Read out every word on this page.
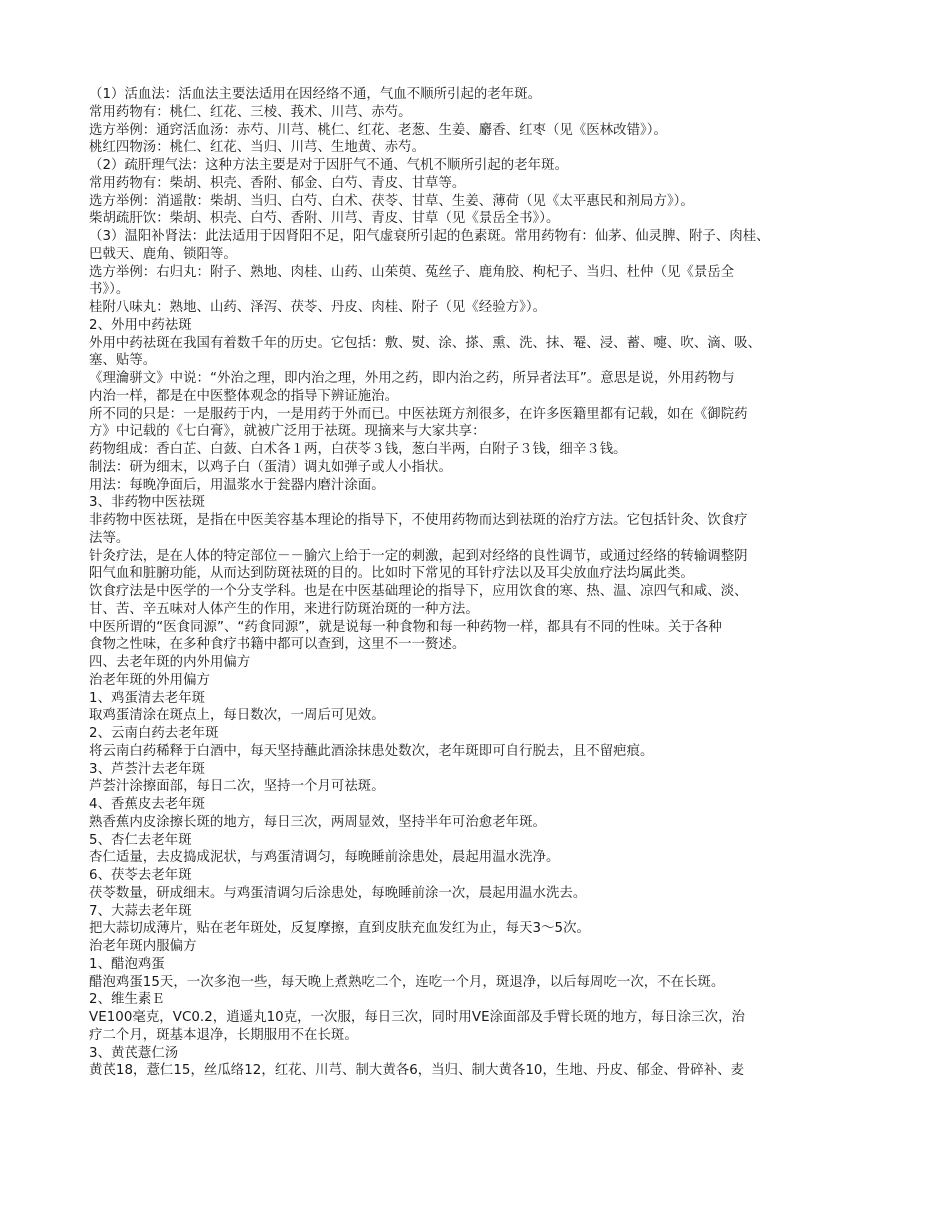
（1）活血法：活血法主要法适用在因经络不通，气血不顺所引起的老年斑。
常用药物有：桃仁、红花、三棱、莪术、川芎、赤芍。
选方举例：通窍活血汤：赤芍、川芎、桃仁、红花、老葱、生姜、麝香、红枣（见《医林改错》）。
桃红四物汤：桃仁、红花、当归、川芎、生地黄、赤芍。
（2）疏肝理气法：这种方法主要是对于因肝气不通、气机不顺所引起的老年斑。
常用药物有：柴胡、枳壳、香附、郁金、白芍、青皮、甘草等。
选方举例：消遥散：柴胡、当归、白芍、白术、茯苓、甘草、生姜、薄荷（见《太平惠民和剂局方》）。
柴胡疏肝饮：柴胡、枳壳、白芍、香附、川芎、青皮、甘草（见《景岳全书》）。
（3）温阳补肾法：此法适用于因肾阳不足，阳气虚衰所引起的色素斑。常用药物有：仙茅、仙灵脾、附子、肉桂、
巴戟天、鹿角、锁阳等。
选方举例：右归丸：附子、熟地、肉桂、山药、山茱萸、菟丝子、鹿角胶、枸杞子、当归、杜仲（见《景岳全
书》）。
桂附八味丸：熟地、山药、泽泻、茯苓、丹皮、肉桂、附子（见《经验方》）。
2、外用中药祛斑
外用中药祛斑在我国有着数千年的历史。它包括：敷、熨、涂、搽、熏、洗、抹、罨、浸、蓄、嚏、吹、滴、吸、
塞、贴等。
《理瀹骈文》中说：“外治之理，即内治之理，外用之药，即内治之药，所异者法耳”。意思是说，外用药物与
内治一样，都是在中医整体观念的指导下辨证施治。
所不同的只是：一是服药于内，一是用药于外而已。中医祛斑方剂很多，在许多医籍里都有记载，如在《御院药
方》中记载的《七白膏》，就被广泛用于祛斑。现摘来与大家共享：
药物组成：香白芷、白蔹、白术各１两，白茯苓３钱，葱白半两，白附子３钱，细辛３钱。
制法：研为细末，以鸡子白（蛋清）调丸如弹子或人小指状。
用法：每晚净面后，用温浆水于瓮器内磨汁涂面。
3、非药物中医祛斑
非药物中医祛斑，是指在中医美容基本理论的指导下，不使用药物而达到祛斑的治疗方法。它包括针灸、饮食疗
法等。
针灸疗法，是在人体的特定部位－－腧穴上给于一定的刺激，起到对经络的良性调节，或通过经络的转输调整阴
阳气血和脏腑功能，从而达到防斑祛斑的目的。比如时下常见的耳针疗法以及耳尖放血疗法均属此类。
饮食疗法是中医学的一个分支学科。也是在中医基础理论的指导下，应用饮食的寒、热、温、凉四气和咸、淡、
甘、苦、辛五味对人体产生的作用，来进行防斑治斑的一种方法。
中医所谓的“医食同源”、“药食同源”，就是说每一种食物和每一种药物一样，都具有不同的性味。关于各种
食物之性味，在多种食疗书籍中都可以查到，这里不一一赘述。
四、去老年斑的内外用偏方
治老年斑的外用偏方
1、鸡蛋清去老年斑
取鸡蛋清涂在斑点上，每日数次，一周后可见效。
2、云南白药去老年斑
将云南白药稀释于白酒中，每天坚持蘸此酒涂抹患处数次，老年斑即可自行脱去，且不留疤痕。
3、芦荟汁去老年斑
芦荟汁涂擦面部，每日二次，坚持一个月可祛斑。
4、香蕉皮去老年斑
熟香蕉内皮涂擦长斑的地方，每日三次，两周显效，坚持半年可治愈老年斑。
5、杏仁去老年斑
杏仁适量，去皮捣成泥状，与鸡蛋清调匀，每晚睡前涂患处，晨起用温水洗净。
6、茯苓去老年斑
茯苓数量，研成细末。与鸡蛋清调匀后涂患处，每晚睡前涂一次，晨起用温水洗去。
7、大蒜去老年斑
把大蒜切成薄片，贴在老年斑处，反复摩擦，直到皮肤充血发红为止，每天3～5次。
治老年斑内服偏方
1、醋泡鸡蛋
醋泡鸡蛋15天，一次多泡一些，每天晚上煮熟吃二个，连吃一个月，斑退净，以后每周吃一次，不在长斑。
2、维生素Ｅ
VE100毫克，VC0.2，逍遥丸10克，一次服，每日三次，同时用VE涂面部及手臂长斑的地方，每日涂三次，治
疗二个月，斑基本退净，长期服用不在长斑。
3、黄芪薏仁汤
黄芪18，薏仁15，丝瓜络12，红花、川芎、制大黄各6，当归、制大黄各10，生地、丹皮、郁金、骨碎补、麦
